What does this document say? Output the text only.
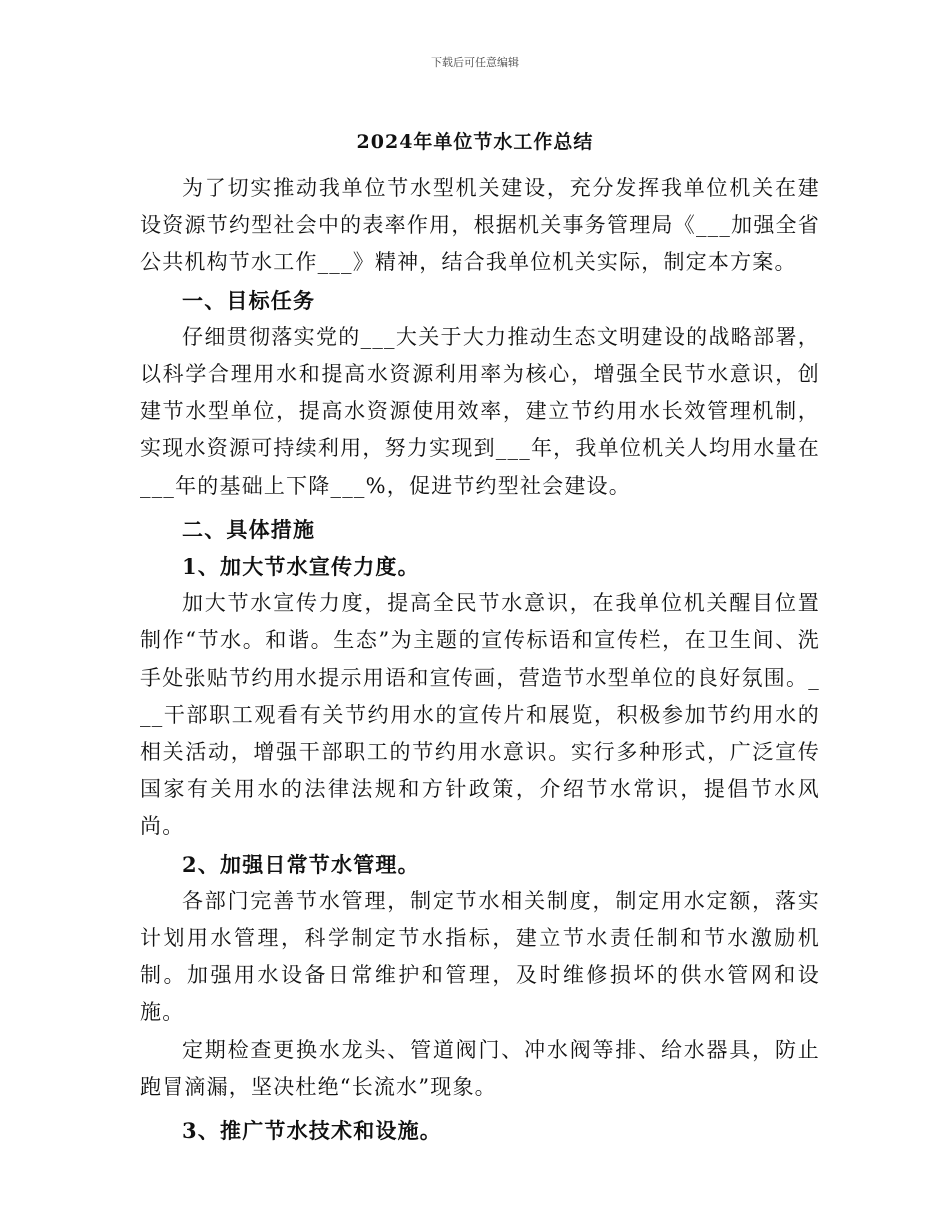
下载后可任意编辑
2024年单位节水工作总结

为了切实推动我单位节水型机关建设，充分发挥我单位机关在建设资源节约型社会中的表率作用，根据机关事务管理局《___加强全省公共机构节水工作___》精神，结合我单位机关实际，制定本方案。

一、目标任务

仔细贯彻落实党的___大关于大力推动生态文明建设的战略部署，以科学合理用水和提高水资源利用率为核心，增强全民节水意识，创建节水型单位，提高水资源使用效率，建立节约用水长效管理机制，实现水资源可持续利用，努力实现到___年，我单位机关人均用水量在___年的基础上下降___%，促进节约型社会建设。

二、具体措施

1、加大节水宣传力度。

加大节水宣传力度，提高全民节水意识，在我单位机关醒目位置制作“节水。和谐。生态”为主题的宣传标语和宣传栏，在卫生间、洗手处张贴节约用水提示用语和宣传画，营造节水型单位的良好氛围。___干部职工观看有关节约用水的宣传片和展览，积极参加节约用水的相关活动，增强干部职工的节约用水意识。实行多种形式，广泛宣传国家有关用水的法律法规和方针政策，介绍节水常识，提倡节水风尚。

2、加强日常节水管理。

各部门完善节水管理，制定节水相关制度，制定用水定额，落实计划用水管理，科学制定节水指标，建立节水责任制和节水激励机制。加强用水设备日常维护和管理，及时维修损坏的供水管网和设施。

定期检查更换水龙头、管道阀门、冲水阀等排、给水器具，防止跑冒滴漏，坚决杜绝“长流水”现象。

3、推广节水技术和设施。
